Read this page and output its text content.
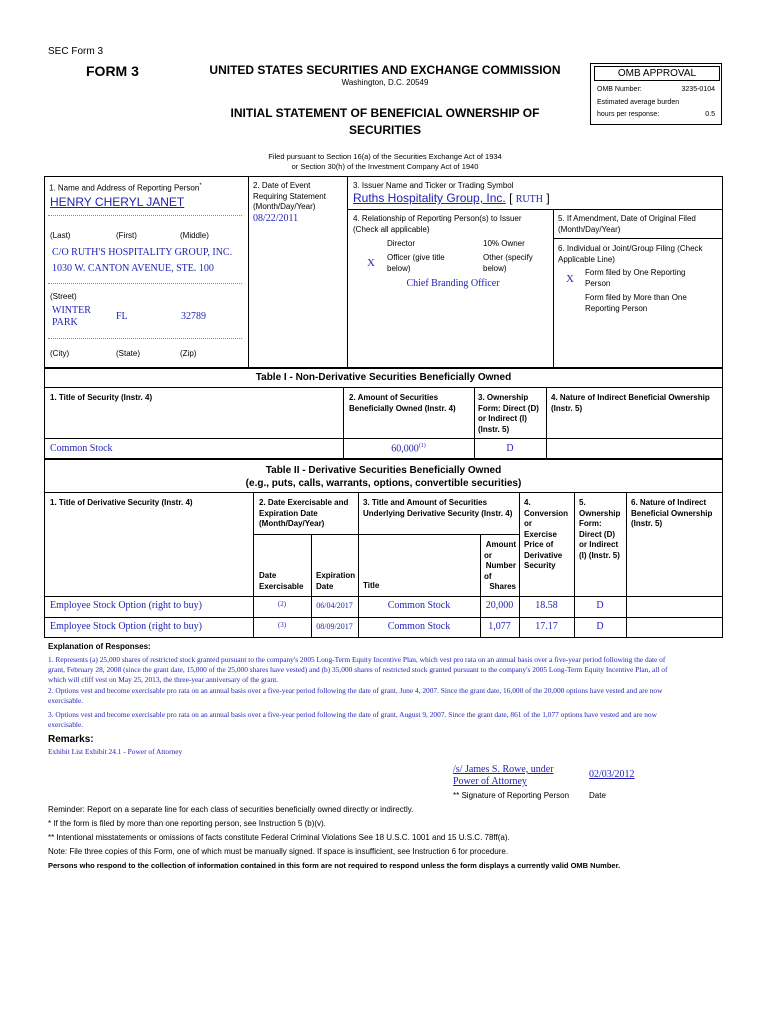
SEC Form 3
FORM 3	UNITED STATES SECURITIES AND EXCHANGE COMMISSION
Washington, D.C. 20549
INITIAL STATEMENT OF BENEFICIAL OWNERSHIP OF
SECURITIES
OMB APPROVAL
OMB Number:	3235-0104
Estimated average burden
hours per response:	0.5
Filed pursuant to Section 16(a) of the Securities Exchange Act of 1934
or Section 30(h) of the Investment Company Act of 1940
1. Name and Address of Reporting Person*
HENRY CHERYL JANET
(Last)	(First)	(Middle)
C/O RUTH'S HOSPITALITY GROUP, INC.
1030 W. CANTON AVENUE, STE. 100
(Street)
WINTER
PARK
FL	32789
(City)	(State)	(Zip)
2. Date of Event
Requiring Statement
(Month/Day/Year)
08/22/2011
3. Issuer Name and Ticker or Trading Symbol
Ruths Hospitality Group, Inc. [ RUTH ]
4. Relationship of Reporting Person(s) to Issuer
(Check all applicable)
Director	10% Owner
X Officer (give title
below)
Other (specify
below)
Chief Branding Officer
5. If Amendment, Date of Original Filed
(Month/Day/Year)
6. Individual or Joint/Group Filing (Check
Applicable Line)
X
Form filed by One Reporting
Person
Form filed by More than One
Reporting Person
Table I - Non-Derivative Securities Beneficially Owned
1. Title of Security (Instr. 4)	2. Amount of Securities
Beneficially Owned (Instr. 4)
3. Ownership
Form: Direct (D)
or Indirect (I)
(Instr. 5)
4. Nature of Indirect Beneficial Ownership
(Instr. 5)
Common Stock	60,000$^{(1)}$	D
Table II - Derivative Securities Beneficially Owned
(e.g., puts, calls, warrants, options, convertible securities)
1. Title of Derivative Security (Instr. 4)	2. Date Exercisable and
Expiration Date
(Month/Day/Year)
3. Title and Amount of Securities
Underlying Derivative Security (Instr. 4)
4.
Conversion
or
Exercise
Price of
Derivative
Security
5.
Ownership
Form:
Direct (D)
or Indirect
(I) (Instr. 5)
6. Nature of Indirect
Beneficial Ownership
(Instr. 5)
Date
Exercisable
Expiration
Date	Title
Amount
or
Number
of
Shares
Employee Stock Option (right to buy)	(2)	06/04/2017	Common Stock	20,000	18.58	D
Employee Stock Option (right to buy)	(3)	08/09/2017	Common Stock	1,077	17.17	D
Explanation of Responses:
1. Represents (a) 25,000 shares of restricted stock granted pursuant to the company's 2005 Long-Term Equity Incentive Plan, which vest pro rata on an annual basis over a five-year period following the date of
grant, February 28, 2008 (since the grant date, 15,000 of the 25,000 shares have vested) and (b) 35,000 shares of restricted stock granted pursuant to the company's 2005 Long-Term Equity Incentive Plan, all of
which will cliff vest on May 25, 2013, the three-year anniversary of the grant.
2. Options vest and become exercisable pro rata on an annual basis over a five-year period following the date of grant, June 4, 2007. Since the grant date, 16,000 of the 20,000 options have vested and are now
exercisable.
3. Options vest and become exercisable pro rata on an annual basis over a five-year period following the date of grant, August 9, 2007. Since the grant date, 861 of the 1,077 options have vested and are now
exercisable.
Remarks:
Exhibit List Exhibit 24.1 - Power of Attorney
/s/ James S. Rowe, under
Power of Attorney
02/03/2012
** Signature of Reporting Person Date
Reminder: Report on a separate line for each class of securities beneficially owned directly or indirectly.
* If the form is filed by more than one reporting person, see Instruction 5 (b)(v).
** Intentional misstatements or omissions of facts constitute Federal Criminal Violations See 18 U.S.C. 1001 and 15 U.S.C. 78ff(a).
Note: File three copies of this Form, one of which must be manually signed. If space is insufficient, see Instruction 6 for procedure.
Persons who respond to the collection of information contained in this form are not required to respond unless the form displays a currently valid OMB Number.
